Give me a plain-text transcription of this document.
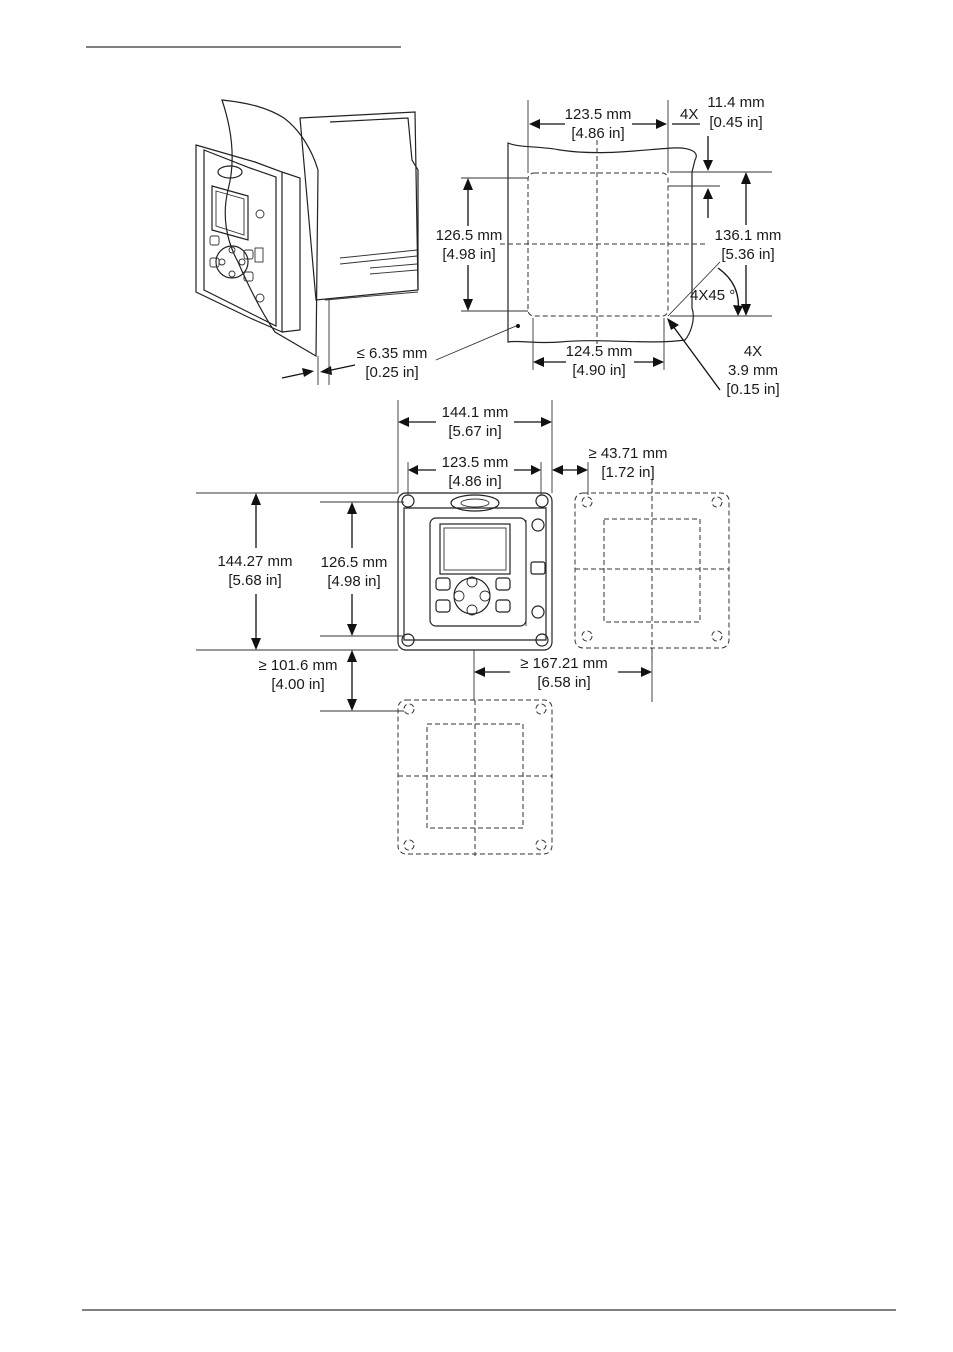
123.5 mm
[4.86 in]
4X
11.4 mm
[0.45 in]
126.5 mm
[4.98 in]
136.1 mm
[5.36 in]
4X45 °
≤ 6.35 mm
[0.25 in]
124.5 mm
[4.90 in]
4X
3.9 mm
[0.15 in]
144.1 mm
[5.67 in]
123.5 mm
[4.86 in]
≥ 43.71 mm
[1.72 in]
144.27 mm
[5.68 in]
126.5 mm
[4.98 in]
≥ 101.6 mm
[4.00 in]
≥ 167.21 mm
[6.58 in]
